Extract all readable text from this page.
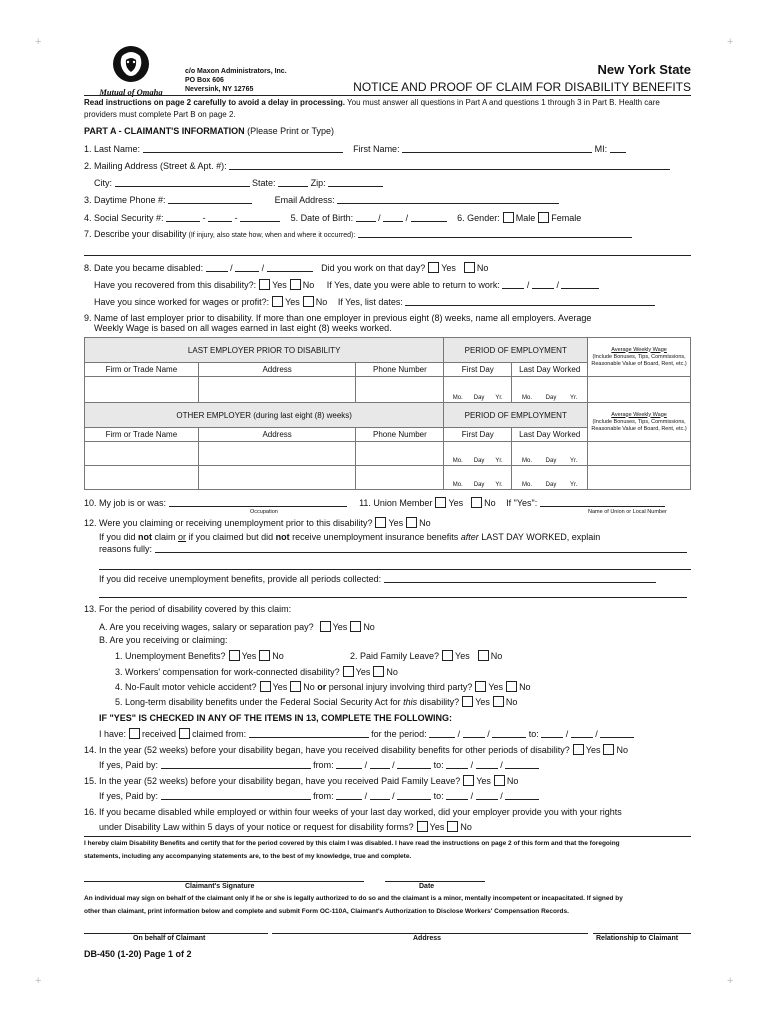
+	+
+	+
Mutual of Omaha
c/o Maxon Administrators, Inc.
PO Box 606
Neversink, NY 12765
New York State
NOTICE AND PROOF OF CLAIM FOR DISABILITY BENEFITS
Read instructions on page 2 carefully to avoid a delay in processing. You must answer all questions in Part A and questions 1 through 3 in Part B. Health care
providers must complete Part B on page 2.
PART A - CLAIMANT'S INFORMATION (Please Print or Type)
1. Last Name:	First Name:	MI:
2. Mailing Address (Street & Apt. #):
City:	State:	Zip:
3. Daytime Phone #:	Email Address:
4. Social Security #:	-	-	5. Date of Birth:	/  /	6. Gender: Male Female
7. Describe your disability (If injury, also state how, when and where it occurred):
8. Date you became disabled:	/	/	Did you work on that day? Yes No
Have you recovered from this disability?: Yes No If Yes, date you were able to return to work:	/  /
Have you since worked for wages or profit?: Yes No If Yes, list dates:
9. Name of last employer prior to disability. If more than one employer in previous eight (8) weeks, name all employers. Average
Weekly Wage is based on all wages earned in last eight (8) weeks worked.
LAST EMPLOYER PRIOR TO DISABILITY			PERIOD OF EMPLOYMENT		Average Weekly Wage
(Include Bonuses, Tips, Commissions, Reasonable Value of Board, Rent, etc.)

Firm or Trade Name	Address	Phone Number	First Day	Last Day Worked	

			Mo. Day Yr.	Mo. Day Yr.	

OTHER EMPLOYER (during last eight (8) weeks)			PERIOD OF EMPLOYMENT		Average Weekly Wage
(Include Bonuses, Tips, Commissions, Reasonable Value of Board, Rent, etc.)

Firm or Trade Name	Address	Phone Number	First Day	Last Day Worked	

			Mo. Day Yr.	Mo. Day Yr.	

			Mo. Day Yr.	Mo. Day Yr.	

10. My job is or was:	11. Union Member Yes No If "Yes":
Occupation	Name of Union or Local Number
12. Were you claiming or receiving unemployment prior to this disability? Yes No
If you did not claim or if you claimed but did not receive unemployment insurance benefits after LAST DAY WORKED, explain
reasons fully:
If you did receive unemployment benefits, provide all periods collected:
13. For the period of disability covered by this claim:
A. Are you receiving wages, salary or separation pay? Yes No
B. Are you receiving or claiming:
1. Unemployment Benefits? Yes No	2. Paid Family Leave? Yes No
3. Workers' compensation for work-connected disability? Yes No
4. No-Fault motor vehicle accident? Yes No or personal injury involving third party? Yes No
5. Long-term disability benefits under the Federal Social Security Act for this disability? Yes No
IF "YES" IS CHECKED IN ANY OF THE ITEMS IN 13, COMPLETE THE FOLLOWING:
I have: received claimed from:	for the period:	/  /	to:	/  /
14. In the year (52 weeks) before your disability began, have you received disability benefits for other periods of disability? Yes No
If yes, Paid by:	from:	/  /	to:	/  /
15. In the year (52 weeks) before your disability began, have you received Paid Family Leave? Yes No
If yes, Paid by:	from:	/  /	to:	/  /
16. If you became disabled while employed or within four weeks of your last day worked, did your employer provide you with your rights
under Disability Law within 5 days of your notice or request for disability forms? Yes No
I hereby claim Disability Benefits and certify that for the period covered by this claim I was disabled. I have read the instructions on page 2 of this form and that the foregoing
statements, including any accompanying statements are, to the best of my knowledge, true and complete.
Claimant's Signature	Date
An individual may sign on behalf of the claimant only if he or she is legally authorized to do so and the claimant is a minor, mentally incompetent or incapacitated. If signed by
other than claimant, print information below and complete and submit Form OC-110A, Claimant's Authorization to Disclose Workers' Compensation Records.
On behalf of Claimant	Address	Relationship to Claimant
DB-450 (1-20) Page 1 of 2
